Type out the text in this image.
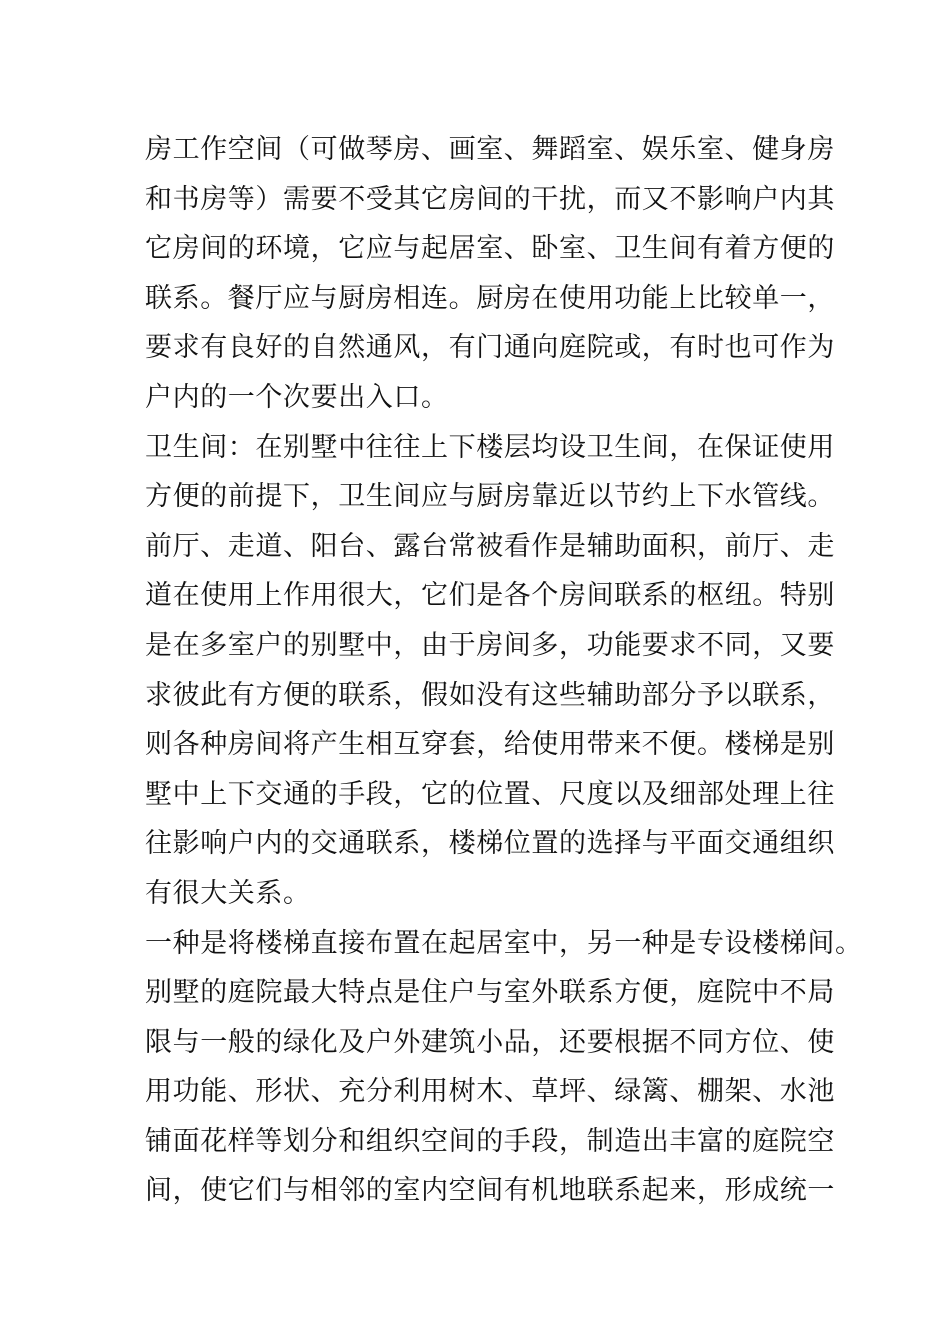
房工作空间（可做琴房、画室、舞蹈室、娱乐室、健身房
和书房等）需要不受其它房间的干扰，而又不影响户内其
它房间的环境，它应与起居室、卧室、卫生间有着方便的
联系。餐厅应与厨房相连。厨房在使用功能上比较单一，
要求有良好的自然通风，有门通向庭院或，有时也可作为
户内的一个次要出入口。
卫生间：在别墅中往往上下楼层均设卫生间，在保证使用
方便的前提下，卫生间应与厨房靠近以节约上下水管线。
前厅、走道、阳台、露台常被看作是辅助面积，前厅、走
道在使用上作用很大，它们是各个房间联系的枢纽。特别
是在多室户的别墅中，由于房间多，功能要求不同，又要
求彼此有方便的联系，假如没有这些辅助部分予以联系，
则各种房间将产生相互穿套，给使用带来不便。楼梯是别
墅中上下交通的手段，它的位置、尺度以及细部处理上往
往影响户内的交通联系，楼梯位置的选择与平面交通组织
有很大关系。
一种是将楼梯直接布置在起居室中，另一种是专设楼梯间。
别墅的庭院最大特点是住户与室外联系方便，庭院中不局
限与一般的绿化及户外建筑小品，还要根据不同方位、使
用功能、形状、充分利用树木、草坪、绿篱、棚架、水池
铺面花样等划分和组织空间的手段，制造出丰富的庭院空
间，使它们与相邻的室内空间有机地联系起来，形成统一
